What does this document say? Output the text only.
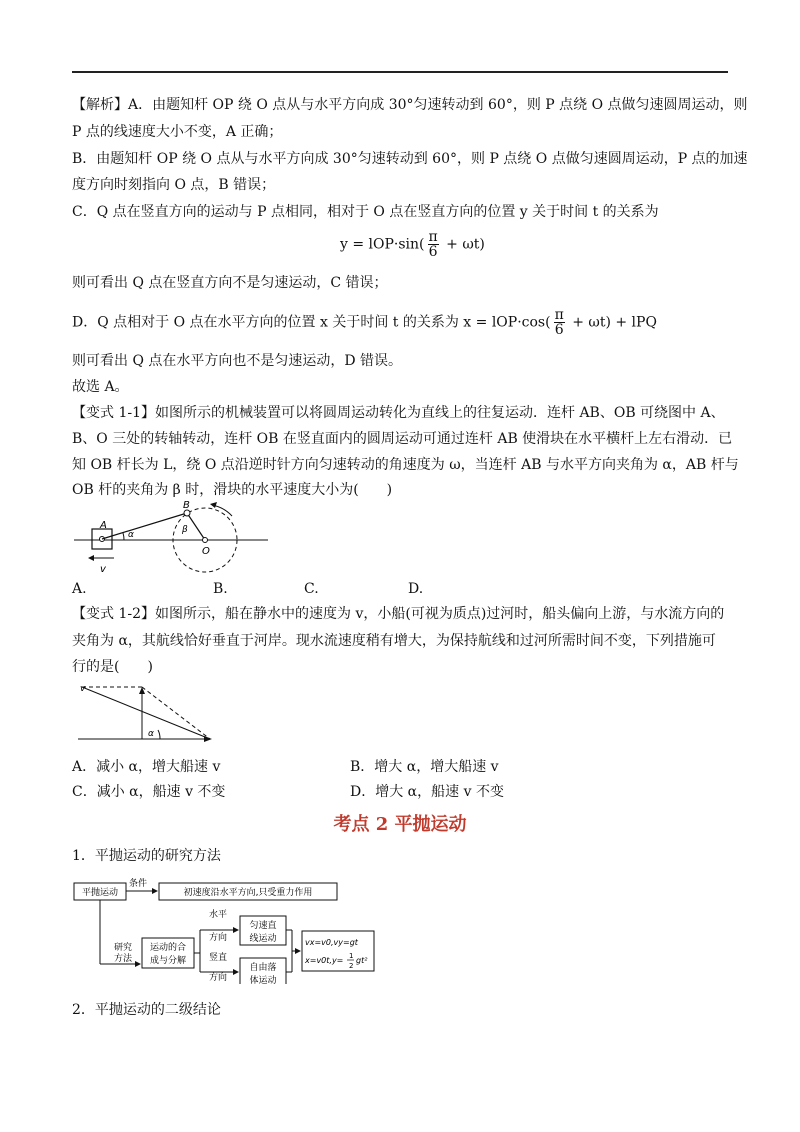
【解析】A．由题知杆 OP 绕 O 点从与水平方向成 30°匀速转动到 60°，则 P 点绕 O 点做匀速圆周运动，则
P 点的线速度大小不变，A 正确；
B．由题知杆 OP 绕 O 点从与水平方向成 30°匀速转动到 60°，则 P 点绕 O 点做匀速圆周运动，P 点的加速
度方向时刻指向 O 点，B 错误；
C．Q 点在竖直方向的运动与 P 点相同，相对于 O 点在竖直方向的位置 y 关于时间 t 的关系为
$y = lOP\cdot\sin( \frac{\pi}{6} + \omega t)$
则可看出 Q 点在竖直方向不是匀速运动，C 错误；
D．Q 点相对于 O 点在水平方向的位置 x 关于时间 t 的关系为 $x = lOP\cdot\cos( \frac{\pi}{6} + \omega t)$ + lPQ
则可看出 Q 点在水平方向也不是匀速运动，D 错误。
故选 A。
【变式 1-1】如图所示的机械装置可以将圆周运动转化为直线上的往复运动．连杆 AB、OB 可绕图中 A、
B、O 三处的转轴转动，连杆 OB 在竖直面内的圆周运动可通过连杆 AB 使滑块在水平横杆上左右滑动．已
知 OB 杆长为 L，绕 O 点沿逆时针方向匀速转动的角速度为 ω，当连杆 AB 与水平方向夹角为 α，AB 杆与
OB 杆的夹角为 β 时，滑块的水平速度大小为(　　)
A
B
O
α	β
v
A.	B.	C.	D.
【变式 1-2】如图所示，船在静水中的速度为 v，小船(可视为质点)过河时，船头偏向上游，与水流方向的
夹角为 α，其航线恰好垂直于河岸。现水流速度稍有增大，为保持航线和过河所需时间不变，下列措施可
行的是(　　)
v
α
A．减小 α，增大船速 v	B．增大 α，增大船速 v
C．减小 α，船速 v 不变	D．增大 α，船速 v 不变
考点 2 平抛运动
1．平抛运动的研究方法
平抛运动
条件
初速度沿水平方向,只受重力作用
研究
方法
运动的合
成与分解
水平
方向
竖直
方向
匀速直
线运动
自由落
体运动
vx=v0,vy=gt
x=v0t,y= 1
2
gt²
2．平抛运动的二级结论
